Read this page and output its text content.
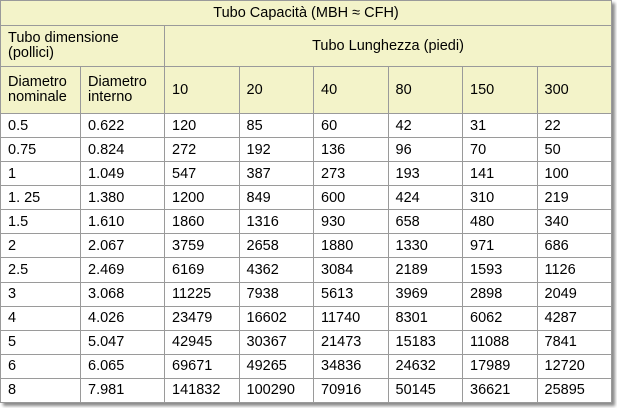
Tubo Capacità (MBH ≈ CFH)							
Tubo dimensione (pollici)		Tubo Lunghezza (piedi)					
Diametro nominale	Diametro interno	10	20	40	80	150	300
0.5	0.622	120	85	60	42	31	22
0.75	0.824	272	192	136	96	70	50
1	1.049	547	387	273	193	141	100
1. 25	1.380	1200	849	600	424	310	219
1.5	1.610	1860	1316	930	658	480	340
2	2.067	3759	2658	1880	1330	971	686
2.5	2.469	6169	4362	3084	2189	1593	1126
3	3.068	11225	7938	5613	3969	2898	2049
4	4.026	23479	16602	11740	8301	6062	4287
5	5.047	42945	30367	21473	15183	11088	7841
6	6.065	69671	49265	34836	24632	17989	12720
8	7.981	141832	100290	70916	50145	36621	25895
